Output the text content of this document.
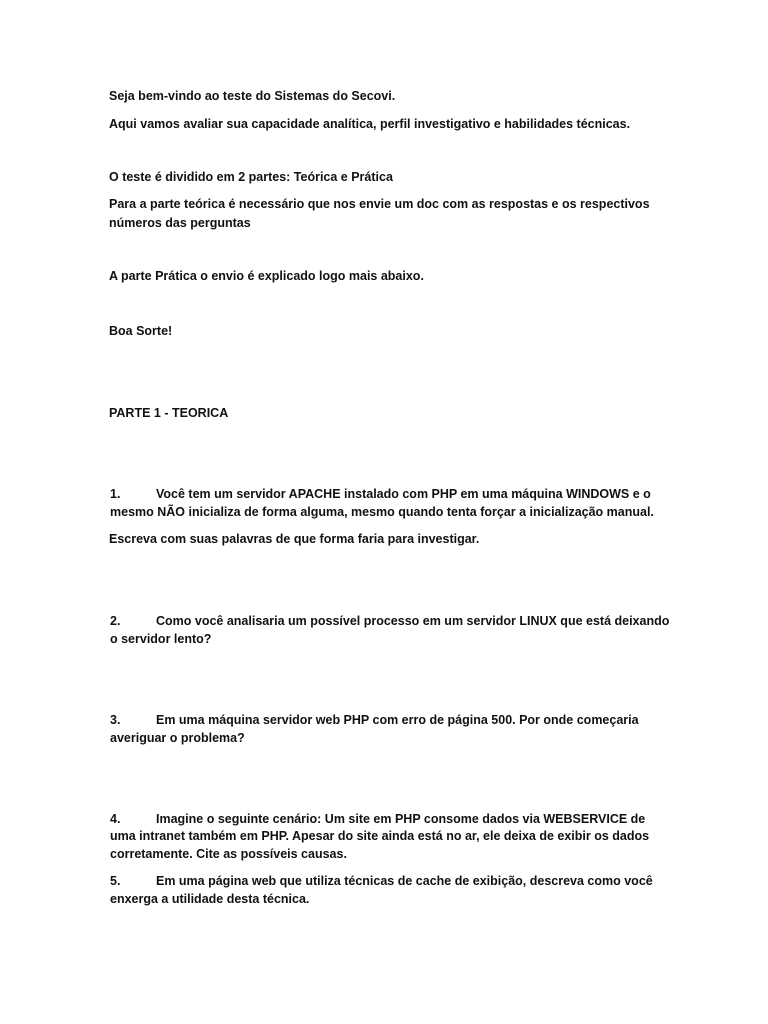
Seja bem-vindo ao teste do Sistemas do Secovi.

Aqui vamos avaliar sua capacidade analítica, perfil investigativo e habilidades técnicas.

O teste é dividido em 2 partes: Teórica e Prática

Para a parte teórica é necessário que nos envie um doc com as respostas e os respectivos

números das perguntas

A parte Prática o envio é explicado logo mais abaixo.

Boa Sorte!

PARTE 1 - TEORICA

1.	Você tem um servidor APACHE instalado com PHP em uma máquina WINDOWS e o

mesmo NÃO inicializa de forma alguma, mesmo quando tenta forçar a inicialização manual.

Escreva com suas palavras de que forma faria para investigar.

2.	Como você analisaria um possível processo em um servidor LINUX que está deixando

o servidor lento?

3.	Em uma máquina servidor web PHP com erro de página 500. Por onde começaria

averiguar o problema?

4.	Imagine o seguinte cenário: Um site em PHP consome dados via WEBSERVICE de

uma intranet também em PHP. Apesar do site ainda está no ar, ele deixa de exibir os dados

corretamente. Cite as possíveis causas.

5.	Em uma página web que utiliza técnicas de cache de exibição, descreva como você

enxerga a utilidade desta técnica.
